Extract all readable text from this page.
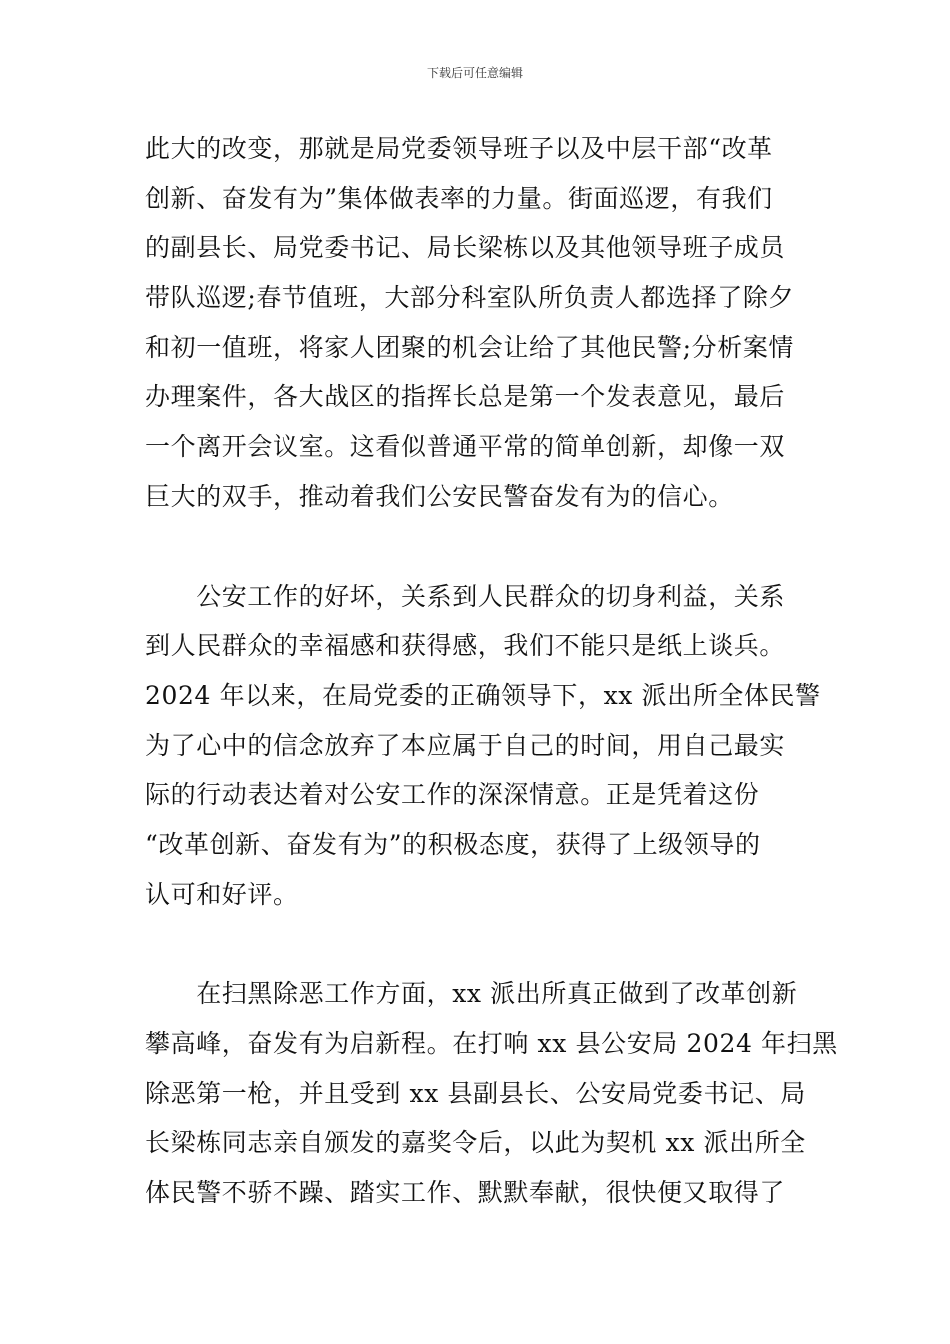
下载后可任意编辑
此大的改变，那就是局党委领导班子以及中层干部“改革
创新、奋发有为”集体做表率的力量。街面巡逻，有我们
的副县长、局党委书记、局长梁栋以及其他领导班子成员
带队巡逻;春节值班，大部分科室队所负责人都选择了除夕
和初一值班，将家人团聚的机会让给了其他民警;分析案情
办理案件，各大战区的指挥长总是第一个发表意见，最后
一个离开会议室。这看似普通平常的简单创新，却像一双
巨大的双手，推动着我们公安民警奋发有为的信心。
　　公安工作的好坏，关系到人民群众的切身利益，关系
到人民群众的幸福感和获得感，我们不能只是纸上谈兵。
2024 年以来，在局党委的正确领导下，xx 派出所全体民警
为了心中的信念放弃了本应属于自己的时间，用自己最实
际的行动表达着对公安工作的深深情意。正是凭着这份
“改革创新、奋发有为”的积极态度，获得了上级领导的
认可和好评。
　　在扫黑除恶工作方面，xx 派出所真正做到了改革创新
攀高峰，奋发有为启新程。在打响 xx 县公安局 2024 年扫黑
除恶第一枪，并且受到 xx 县副县长、公安局党委书记、局
长梁栋同志亲自颁发的嘉奖令后，以此为契机 xx 派出所全
体民警不骄不躁、踏实工作、默默奉献，很快便又取得了
